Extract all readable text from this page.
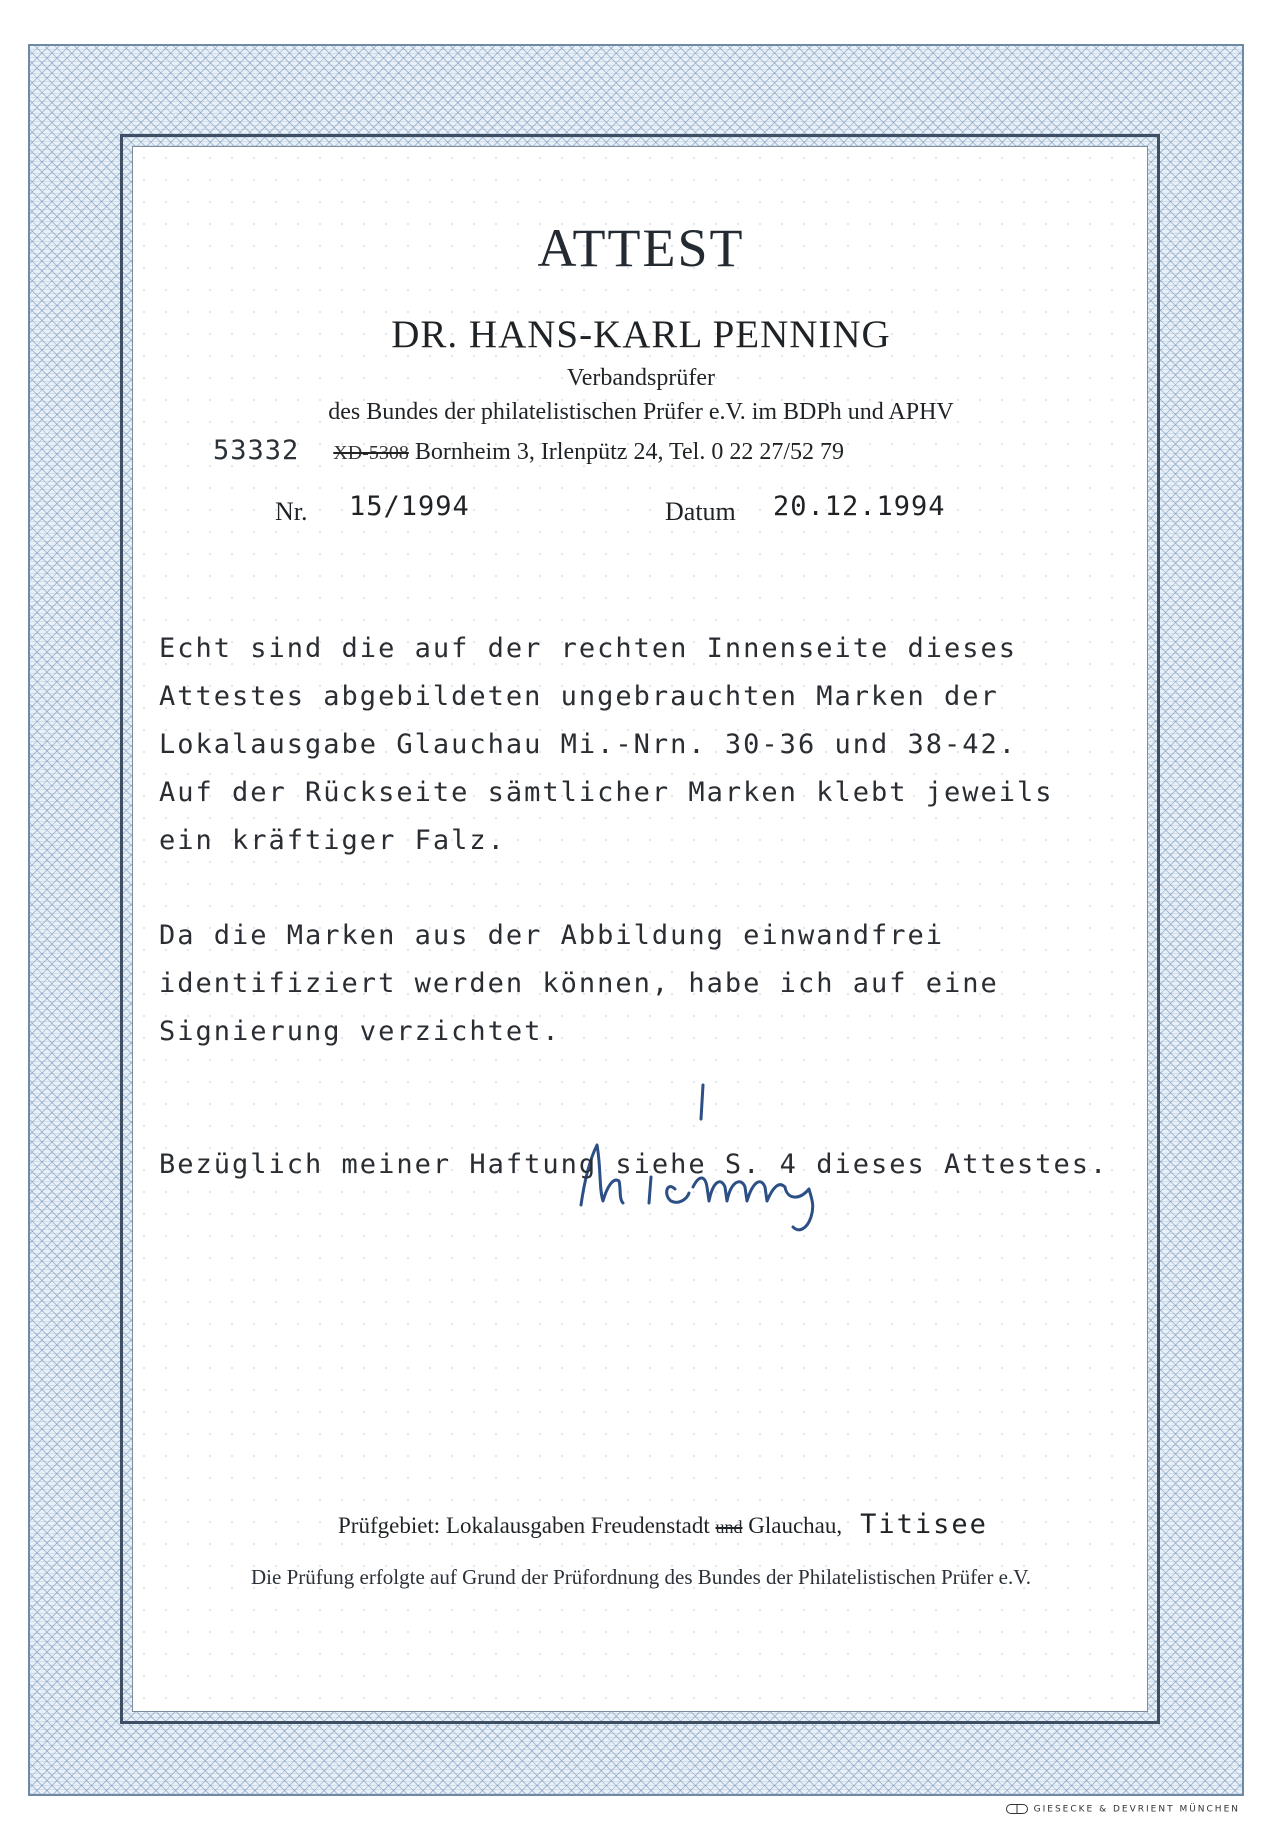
ATTEST
DR. HANS-KARL PENNING
Verbandsprüfer
des Bundes der philatelistischen Prüfer e.V. im BDPh und APHV
53332 XD-5308 Bornheim 3, Irlenpütz 24, Tel. 0 22 27/52 79
Nr. 15/1994	Datum 20.12.1994
Echt sind die auf der rechten Innenseite dieses
Attestes abgebildeten ungebrauchten Marken der
Lokalausgabe Glauchau Mi.-Nrn. 30-36 und 38-42.
Auf der Rückseite sämtlicher Marken klebt jeweils
ein kräftiger Falz.
Da die Marken aus der Abbildung einwandfrei
identifiziert werden können, habe ich auf eine
Signierung verzichtet.
Bezüglich meiner Haftung siehe S. 4 dieses Attestes.
Prüfgebiet: Lokalausgaben Freudenstadt und Glauchau, Titisee
Die Prüfung erfolgte auf Grund der Prüfordnung des Bundes der Philatelistischen Prüfer e.V.
GIESECKE & DEVRIENT MÜNCHEN
